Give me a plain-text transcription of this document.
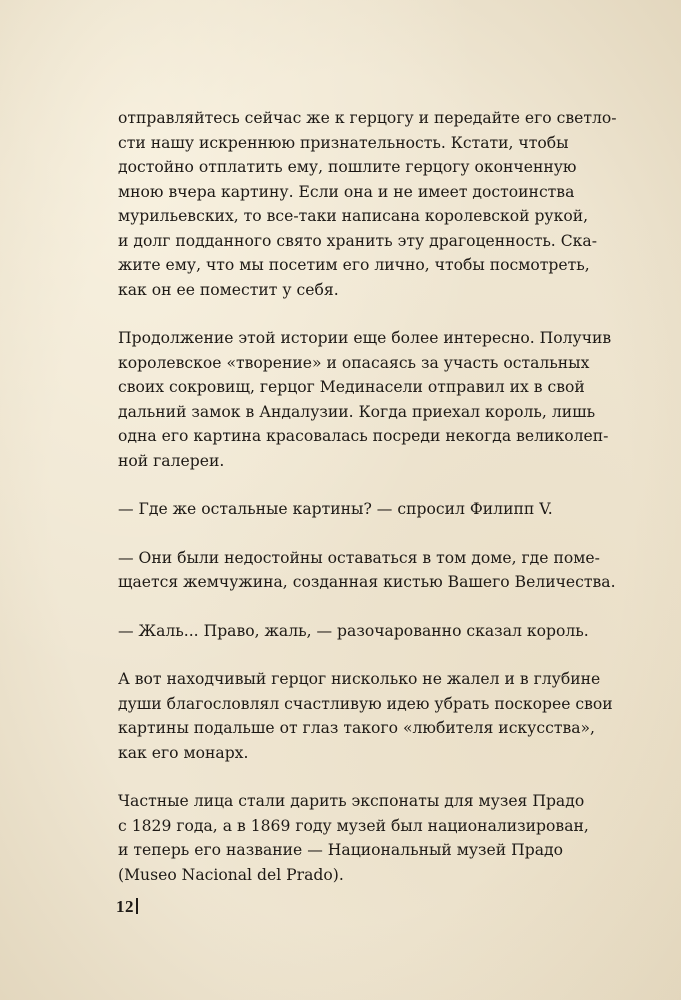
отправляйтесь сейчас же к герцогу и передайте его светло-
сти нашу искреннюю признательность. Кстати, чтобы
достойно отплатить ему, пошлите герцогу оконченную
мною вчера картину. Если она и не имеет достоинства
мурильевских, то все-таки написана королевской рукой,
и долг подданного свято хранить эту драгоценность. Ска-
жите ему, что мы посетим его лично, чтобы посмотреть,
как он ее поместит у себя.

Продолжение этой истории еще более интересно. Получив
королевское «творение» и опасаясь за участь остальных
своих сокровищ, герцог Мединасели отправил их в свой
дальний замок в Андалузии. Когда приехал король, лишь
одна его картина красовалась посреди некогда великолеп-
ной галереи.

— Где же остальные картины? — спросил Филипп V.

— Они были недостойны оставаться в том доме, где поме-
щается жемчужина, созданная кистью Вашего Величества.

— Жаль... Право, жаль, — разочарованно сказал король.

А вот находчивый герцог нисколько не жалел и в глубине
души благословлял счастливую идею убрать поскорее свои
картины подальше от глаз такого «любителя искусства»,
как его монарх.

Частные лица стали дарить экспонаты для музея Прадо
с 1829 года, а в 1869 году музей был национализирован,
и теперь его название — Национальный музей Прадо
(Museo Nacional del Prado).

12
